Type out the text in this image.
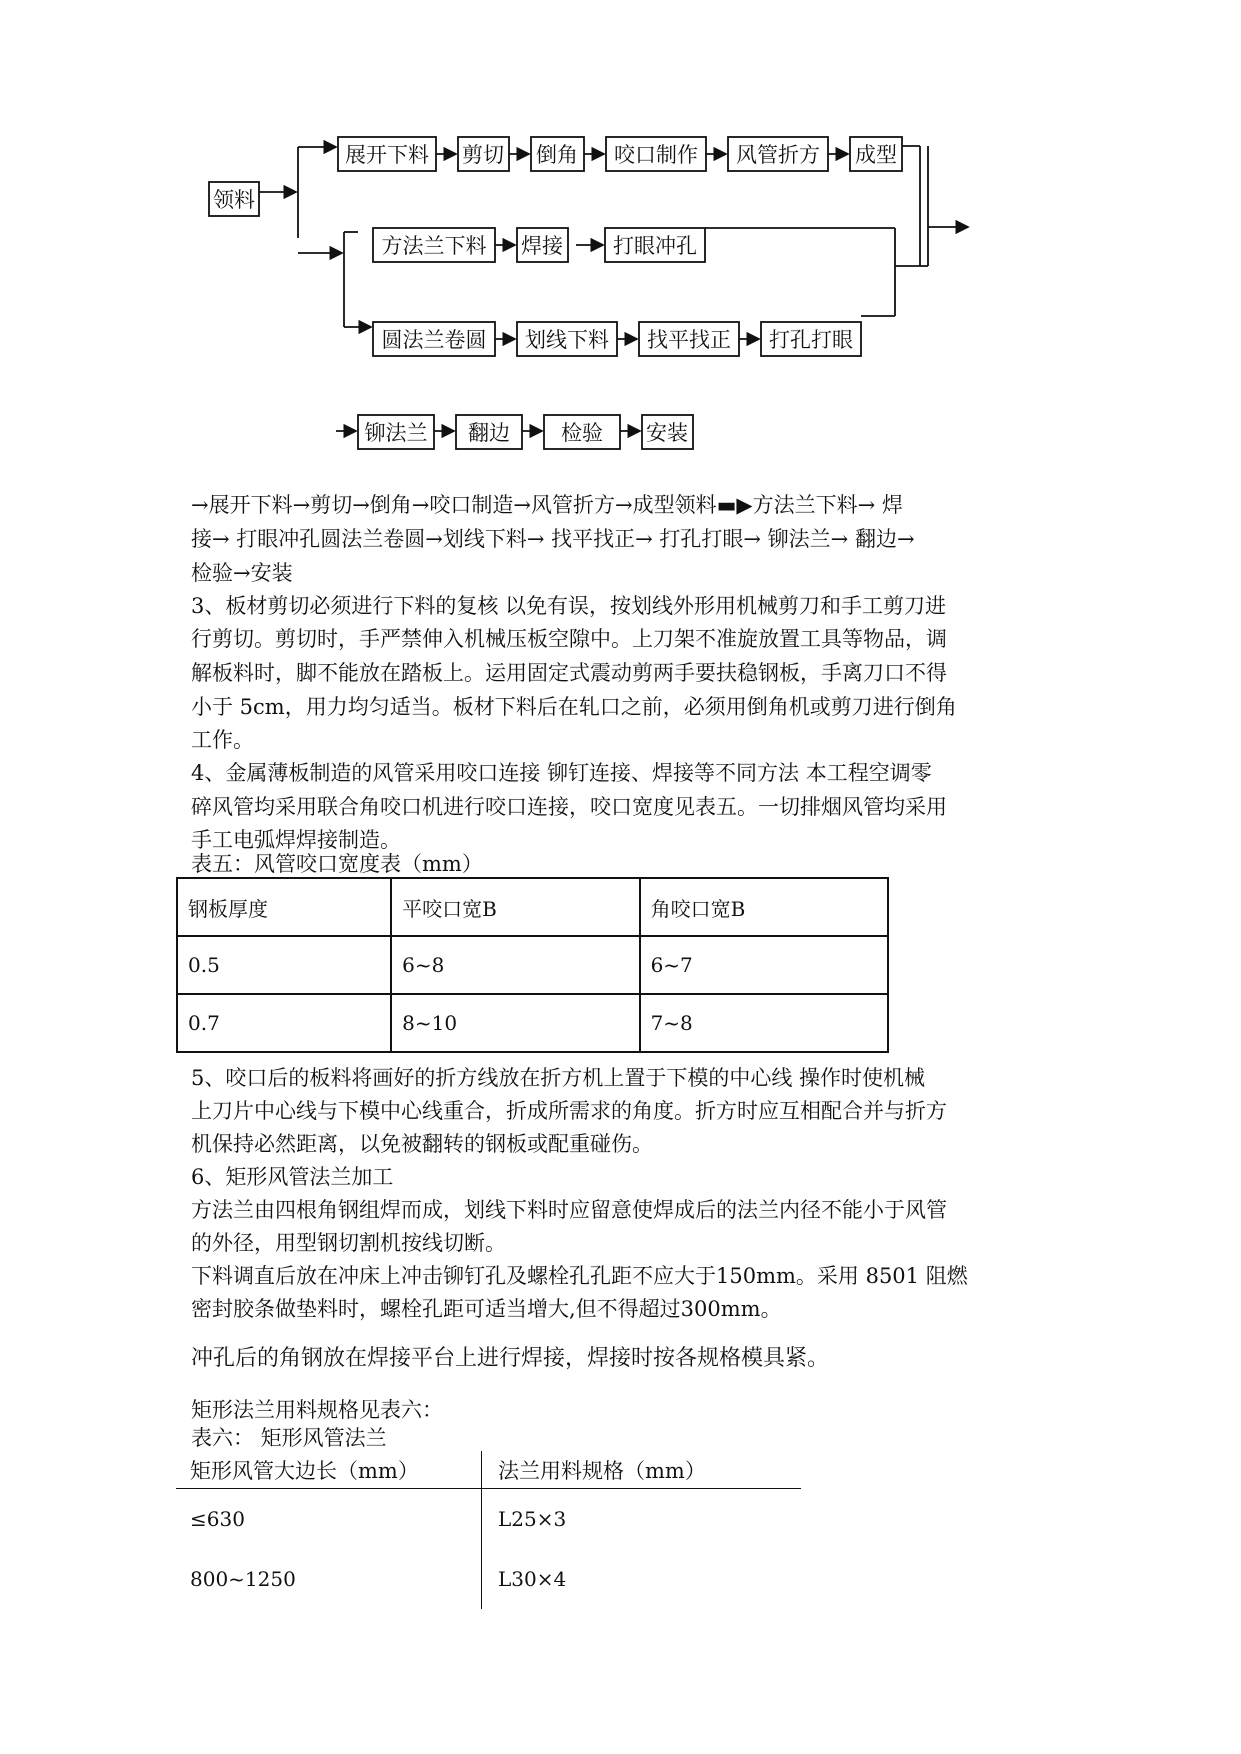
领料
展开下料 剪切 倒角 咬口制作 风管折方 成型
方法兰下料 焊接 打眼冲孔
圆法兰卷圆 划线下料 找平找正 打孔打眼
铆法兰 翻边 检验 安装
→展开下料→剪切→倒角→咬口制造→风管折方→成型领料▬▶方法兰下料→ 焊
接→ 打眼冲孔圆法兰卷圆→划线下料→ 找平找正→ 打孔打眼→ 铆法兰→ 翻边→
检验→安装
3、板材剪切必须进行下料的复核 以免有误，按划线外形用机械剪刀和手工剪刀进
行剪切。剪切时，手严禁伸入机械压板空隙中。上刀架不准旋放置工具等物品，调
解板料时，脚不能放在踏板上。运用固定式震动剪两手要扶稳钢板，手离刀口不得
小于 5cm，用力均匀适当。板材下料后在轧口之前，必须用倒角机或剪刀进行倒角
工作。
4、金属薄板制造的风管采用咬口连接 铆钉连接、焊接等不同方法 本工程空调零
碎风管均采用联合角咬口机进行咬口连接，咬口宽度见表五。一切排烟风管均采用
手工电弧焊焊接制造。
表五：风管咬口宽度表（mm）
钢板厚度	平咬口宽B	角咬口宽B
0.5	6~8	6~7
0.7	8~10	7~8
5、咬口后的板料将画好的折方线放在折方机上置于下模的中心线 操作时使机械
上刀片中心线与下模中心线重合，折成所需求的角度。折方时应互相配合并与折方
机保持必然距离，以免被翻转的钢板或配重碰伤。
6、矩形风管法兰加工
方法兰由四根角钢组焊而成，划线下料时应留意使焊成后的法兰内径不能小于风管
的外径，用型钢切割机按线切断。
下料调直后放在冲床上冲击铆钉孔及螺栓孔孔距不应大于150mm。采用 8501 阻燃
密封胶条做垫料时，螺栓孔距可适当增大,但不得超过300mm。
冲孔后的角钢放在焊接平台上进行焊接，焊接时按各规格模具紧。
矩形法兰用料规格见表六：
表六： 矩形风管法兰
矩形风管大边长（mm）	法兰用料规格（mm）
≤630	L25×3
800~1250	L30×4
